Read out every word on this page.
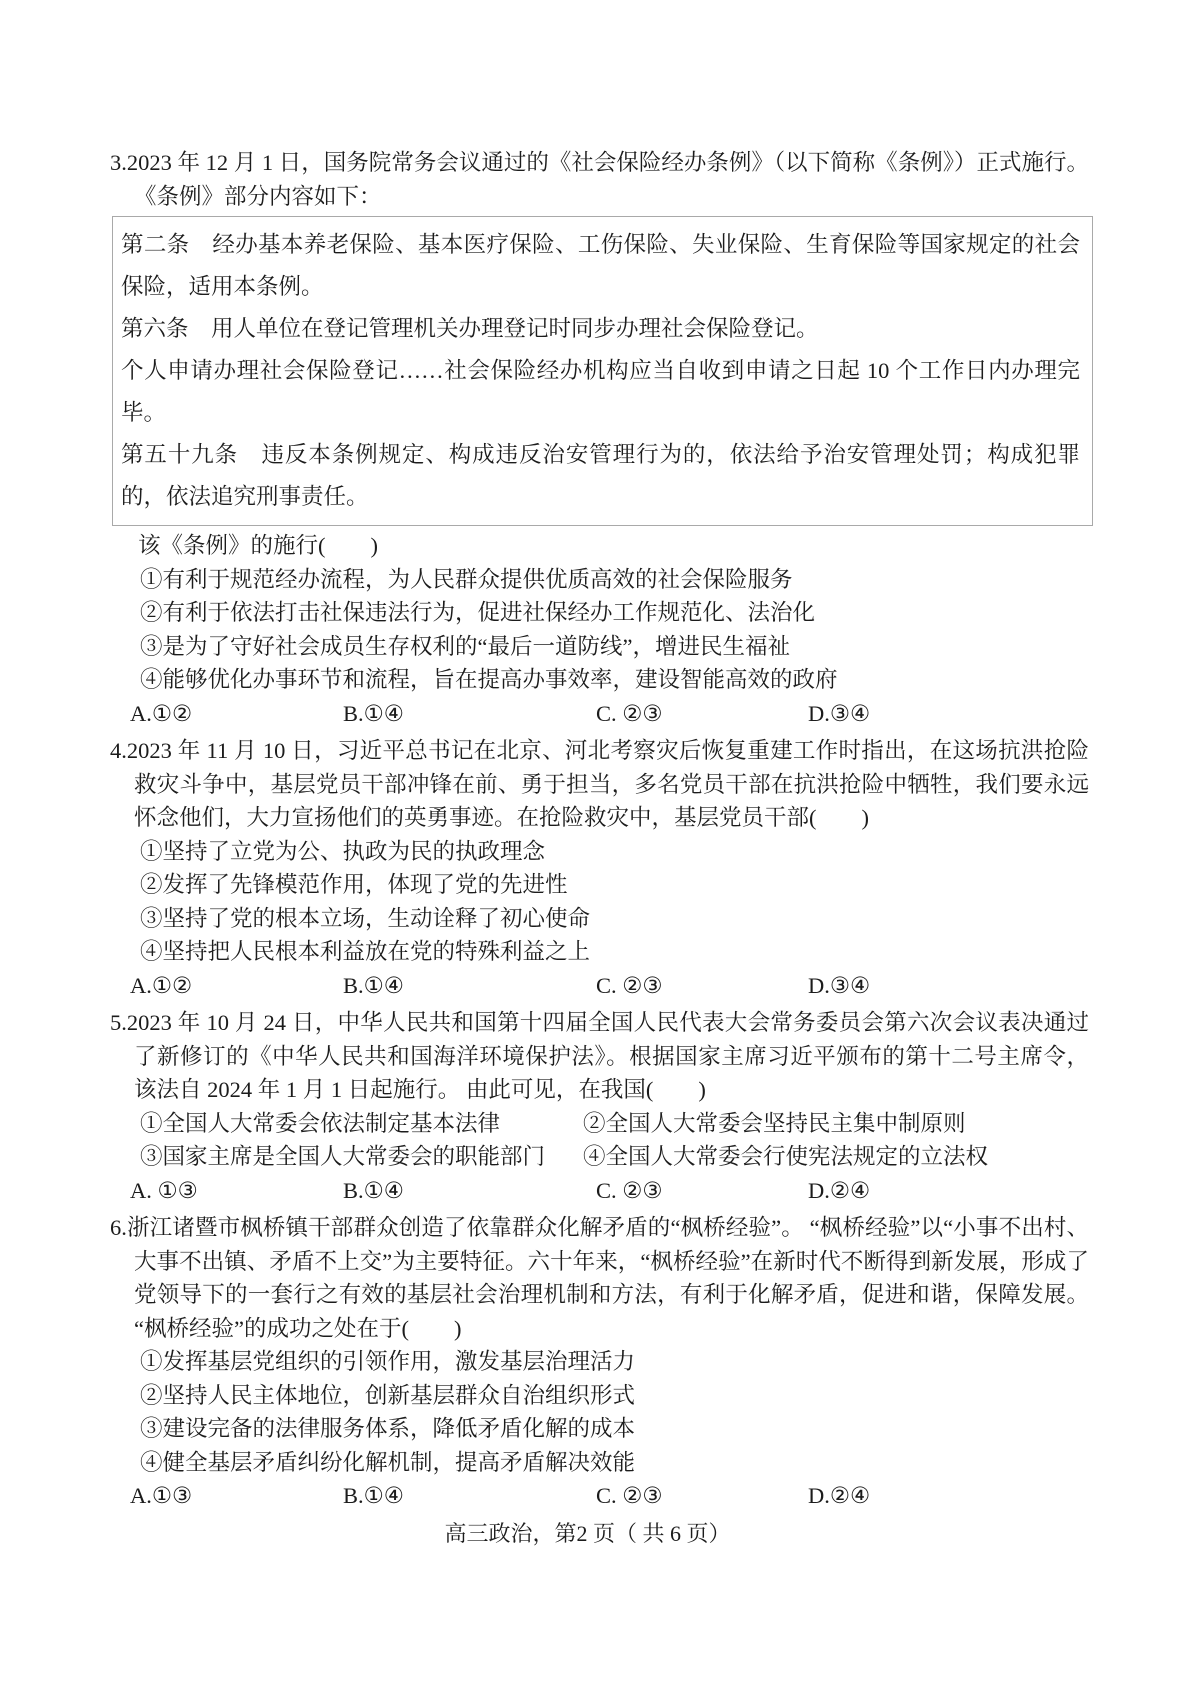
3.2023 年 12 月 1 日，国务院常务会议通过的《社会保险经办条例》（以下简称《条例》）正式施行。《条例》部分内容如下：

第二条　经办基本养老保险、基本医疗保险、工伤保险、失业保险、生育保险等国家规定的社会保险，适用本条例。

第六条　用人单位在登记管理机关办理登记时同步办理社会保险登记。

个人申请办理社会保险登记……社会保险经办机构应当自收到申请之日起 10 个工作日内办理完毕。

第五十九条　违反本条例规定、构成违反治安管理行为的，依法给予治安管理处罚；构成犯罪的，依法追究刑事责任。

该《条例》的施行(　　)

①有利于规范经办流程，为人民群众提供优质高效的社会保险服务

②有利于依法打击社保违法行为，促进社保经办工作规范化、法治化

③是为了守好社会成员生存权利的“最后一道防线”，增进民生福祉

④能够优化办事环节和流程，旨在提高办事效率，建设智能高效的政府

A.①②	B.①④	C. ②③	D.③④

4.2023 年 11 月 10 日，习近平总书记在北京、河北考察灾后恢复重建工作时指出，在这场抗洪抢险救灾斗争中，基层党员干部冲锋在前、勇于担当，多名党员干部在抗洪抢险中牺牲，我们要永远怀念他们，大力宣扬他们的英勇事迹。在抢险救灾中，基层党员干部(　　)

①坚持了立党为公、执政为民的执政理念

②发挥了先锋模范作用，体现了党的先进性

③坚持了党的根本立场，生动诠释了初心使命

④坚持把人民根本利益放在党的特殊利益之上

A.①②	B.①④	C. ②③	D.③④

5.2023 年 10 月 24 日，中华人民共和国第十四届全国人民代表大会常务委员会第六次会议表决通过了新修订的《中华人民共和国海洋环境保护法》。根据国家主席习近平颁布的第十二号主席令，该法自 2024 年 1 月 1 日起施行。 由此可见，在我国(　　)

①全国人大常委会依法制定基本法律	②全国人大常委会坚持民主集中制原则
③国家主席是全国人大常委会的职能部门	④全国人大常委会行使宪法规定的立法权
A. ①③	B.①④	C. ②③	D.②④

6.浙江诸暨市枫桥镇干部群众创造了依靠群众化解矛盾的“枫桥经验”。 “枫桥经验”以“小事不出村、大事不出镇、矛盾不上交”为主要特征。六十年来，“枫桥经验”在新时代不断得到新发展，形成了党领导下的一套行之有效的基层社会治理机制和方法，有利于化解矛盾，促进和谐，保障发展。“枫桥经验”的成功之处在于(　　)

①发挥基层党组织的引领作用，激发基层治理活力

②坚持人民主体地位，创新基层群众自治组织形式

③建设完备的法律服务体系，降低矛盾化解的成本

④健全基层矛盾纠纷化解机制，提高矛盾解决效能

A.①③	B.①④	C. ②③	D.②④
高三政治，第2 页（ 共 6 页）
